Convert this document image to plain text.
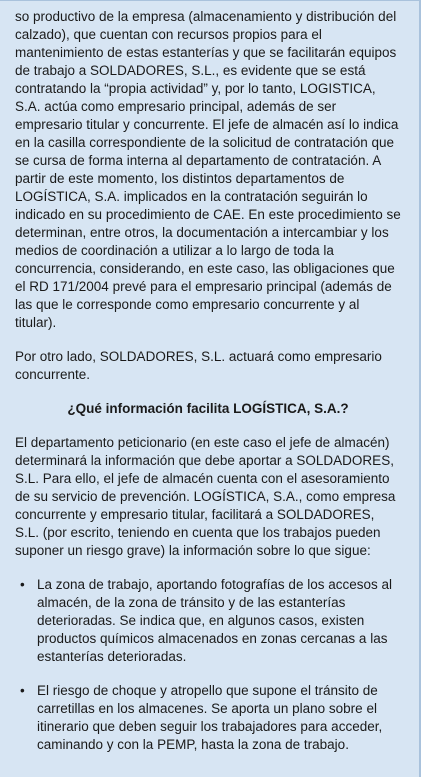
so productivo de la empresa (almacenamiento y distribución del calzado), que cuentan con recursos propios para el mantenimiento de estas estanterías y que se facilitarán equipos de trabajo a SOLDADORES, S.L., es evidente que se está contratando la “propia actividad” y, por lo tanto, LOGISTICA, S.A. actúa como empresario principal, además de ser empresario titular y concurrente. El jefe de almacén así lo indica en la casilla correspondiente de la solicitud de contratación que se cursa de forma interna al departamento de contratación. A partir de este momento, los distintos departamentos de LOGÍSTICA, S.A. implicados en la contratación seguirán lo indicado en su procedimiento de CAE. En este procedimiento se determinan, entre otros, la documentación a intercambiar y los medios de coordinación a utilizar a lo largo de toda la concurrencia, considerando, en este caso, las obligaciones que el RD 171/2004 prevé para el empresario principal (además de las que le corresponde como empresario concurrente y al titular).

Por otro lado, SOLDADORES, S.L. actuará como empresario concurrente.

¿Qué información facilita LOGÍSTICA, S.A.?

El departamento peticionario (en este caso el jefe de almacén) determinará la información que debe aportar a SOLDADORES, S.L. Para ello, el jefe de almacén cuenta con el asesoramiento de su servicio de prevención. LOGÍSTICA, S.A., como empresa concurrente y empresario titular, facilitará a SOLDADORES, S.L. (por escrito, teniendo en cuenta que los trabajos pueden suponer un riesgo grave) la información sobre lo que sigue:

• La zona de trabajo, aportando fotografías de los accesos al almacén, de la zona de tránsito y de las estanterías deterioradas. Se indica que, en algunos casos, existen productos químicos almacenados en zonas cercanas a las estanterías deterioradas.
• El riesgo de choque y atropello que supone el tránsito de carretillas en los almacenes. Se aporta un plano sobre el itinerario que deben seguir los trabajadores para acceder, caminando y con la PEMP, hasta la zona de trabajo.
